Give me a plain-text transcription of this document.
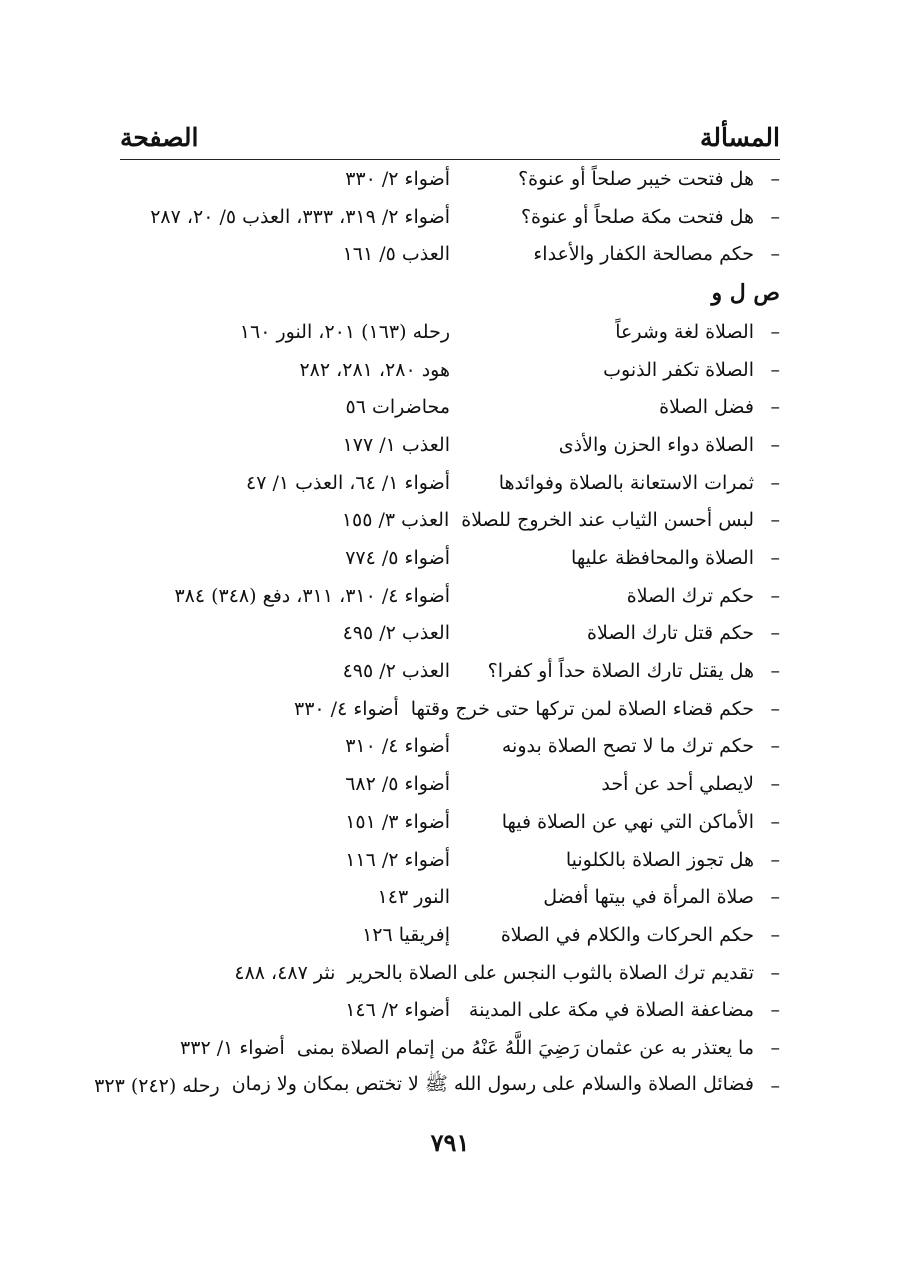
المسألة
الصفحة
–
هل فتحت خيبر صلحاً أو عنوة؟
أضواء ٢/ ٣٣٠
–
هل فتحت مكة صلحاً أو عنوة؟
أضواء ٢/ ٣١٩، ٣٣٣، العذب ٥/ ٢٠، ٢٨٧
–
حكم مصالحة الكفار والأعداء
العذب ٥/ ١٦١
ص ل و
–
الصلاة لغة وشرعاً
رحله (١٦٣) ٢٠١، النور ١٦٠
–
الصلاة تكفر الذنوب
هود ٢٨٠، ٢٨١، ٢٨٢
–
فضل الصلاة
محاضرات ٥٦
–
الصلاة دواء الحزن والأذى
العذب ١/ ١٧٧
–
ثمرات الاستعانة بالصلاة وفوائدها
أضواء ١/ ٦٤، العذب ١/ ٤٧
–
لبس أحسن الثياب عند الخروج للصلاة
العذب ٣/ ١٥٥
–
الصلاة والمحافظة عليها
أضواء ٥/ ٧٧٤
–
حكم ترك الصلاة
أضواء ٤/ ٣١٠، ٣١١، دفع (٣٤٨) ٣٨٤
–
حكم قتل تارك الصلاة
العذب ٢/ ٤٩٥
–
هل يقتل تارك الصلاة حداً أو كفرا؟
العذب ٢/ ٤٩٥
–
حكم قضاء الصلاة لمن تركها حتى خرج وقتها
أضواء ٤/ ٣٣٠
–
حكم ترك ما لا تصح الصلاة بدونه
أضواء ٤/ ٣١٠
–
لايصلي أحد عن أحد
أضواء ٥/ ٦٨٢
–
الأماكن التي نهي عن الصلاة فيها
أضواء ٣/ ١٥١
–
هل تجوز الصلاة بالكلونيا
أضواء ٢/ ١١٦
–
صلاة المرأة في بيتها أفضل
النور ١٤٣
–
حكم الحركات والكلام في الصلاة
إفريقيا ١٢٦
–
تقديم ترك الصلاة بالثوب النجس على الصلاة بالحرير
نثر ٤٨٧، ٤٨٨
–
مضاعفة الصلاة في مكة على المدينة
أضواء ٢/ ١٤٦
–
ما يعتذر به عن عثمان رَضِيَ اللَّهُ عَنْهُ من إتمام الصلاة بمنى
أضواء ١/ ٣٣٢
–
فضائل الصلاة والسلام على رسول الله ﷺ لا تختص بمكان ولا زمان
رحله (٢٤٢) ٣٢٣
٧٩١
